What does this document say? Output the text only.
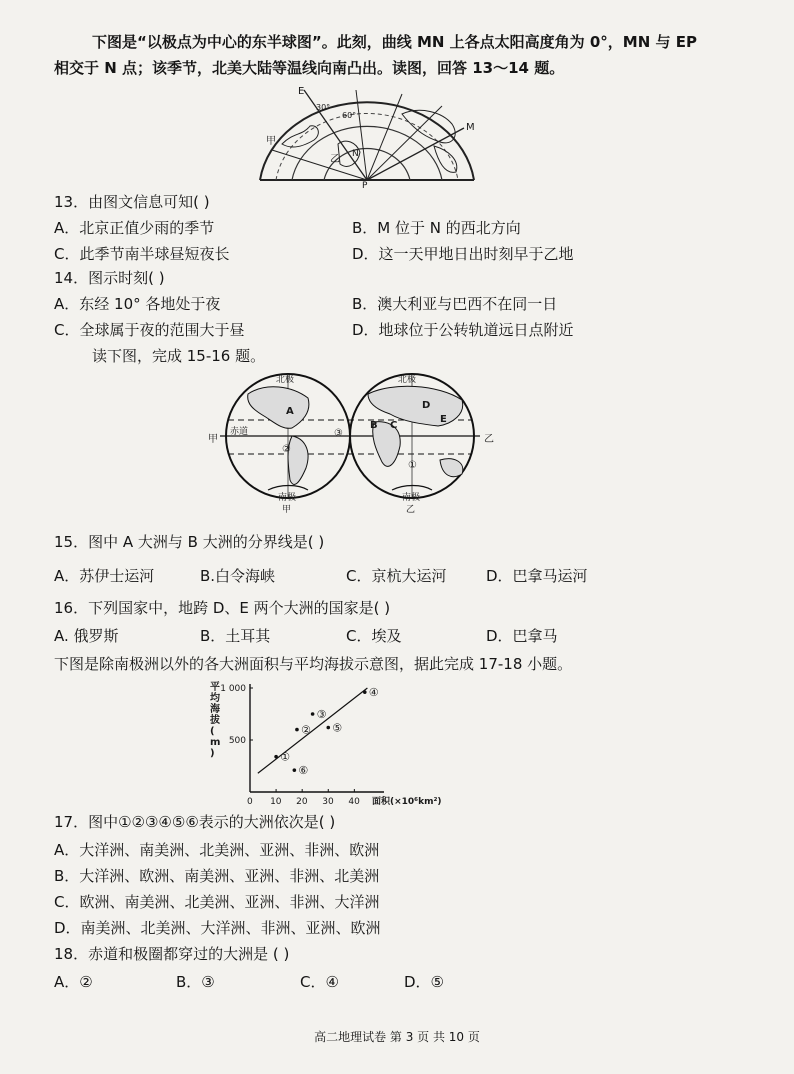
下图是“以极点为中心的东半球图”。此刻，曲线 MN 上各点太阳高度角为 0°，MN 与 EP
相交于 N 点；该季节，北美大陆等温线向南凸出。读图，回答 13～14 题。
E
P
M
N
甲
乙
30°
60°
13．由图文信息可知( )
A．北京正值少雨的季节	B．M 位于 N 的西北方向
C．此季节南半球昼短夜长	D．这一天甲地日出时刻早于乙地
14．图示时刻( )
A．东经 10° 各地处于夜	B．澳大利亚与巴西不在同一日
C．全球属于夜的范围大于昼	D．地球位于公转轨道远日点附近
读下图，完成 15-16 题。
北极	北极
南极	南极
甲	乙
甲	乙
赤道
A
B C
D
E
②
③
①
15．图中 A 大洲与 B 大洲的分界线是( )
A．苏伊士运河	B.白令海峡	C．京杭大运河	D．巴拿马运河
16．下列国家中，地跨 D、E 两个大洲的国家是( )
A. 俄罗斯	B．土耳其	C．埃及	D．巴拿马
下图是除南极洲以外的各大洲面积与平均海拔示意图，据此完成 17-18 小题。
0 10 20 30 40
500
1 000
平均海拔( m )
面积(×10⁶km²)
①
②
③
④
⑤
⑥
17．图中①②③④⑤⑥表示的大洲依次是( )
A．大洋洲、南美洲、北美洲、亚洲、非洲、欧洲
B．大洋洲、欧洲、南美洲、亚洲、非洲、北美洲
C．欧洲、南美洲、北美洲、亚洲、非洲、大洋洲
D．南美洲、北美洲、大洋洲、非洲、亚洲、欧洲
18．赤道和极圈都穿过的大洲是 ( )
A．②	B．③	C．④	D．⑤
高二地理试卷 第 3 页 共 10 页
